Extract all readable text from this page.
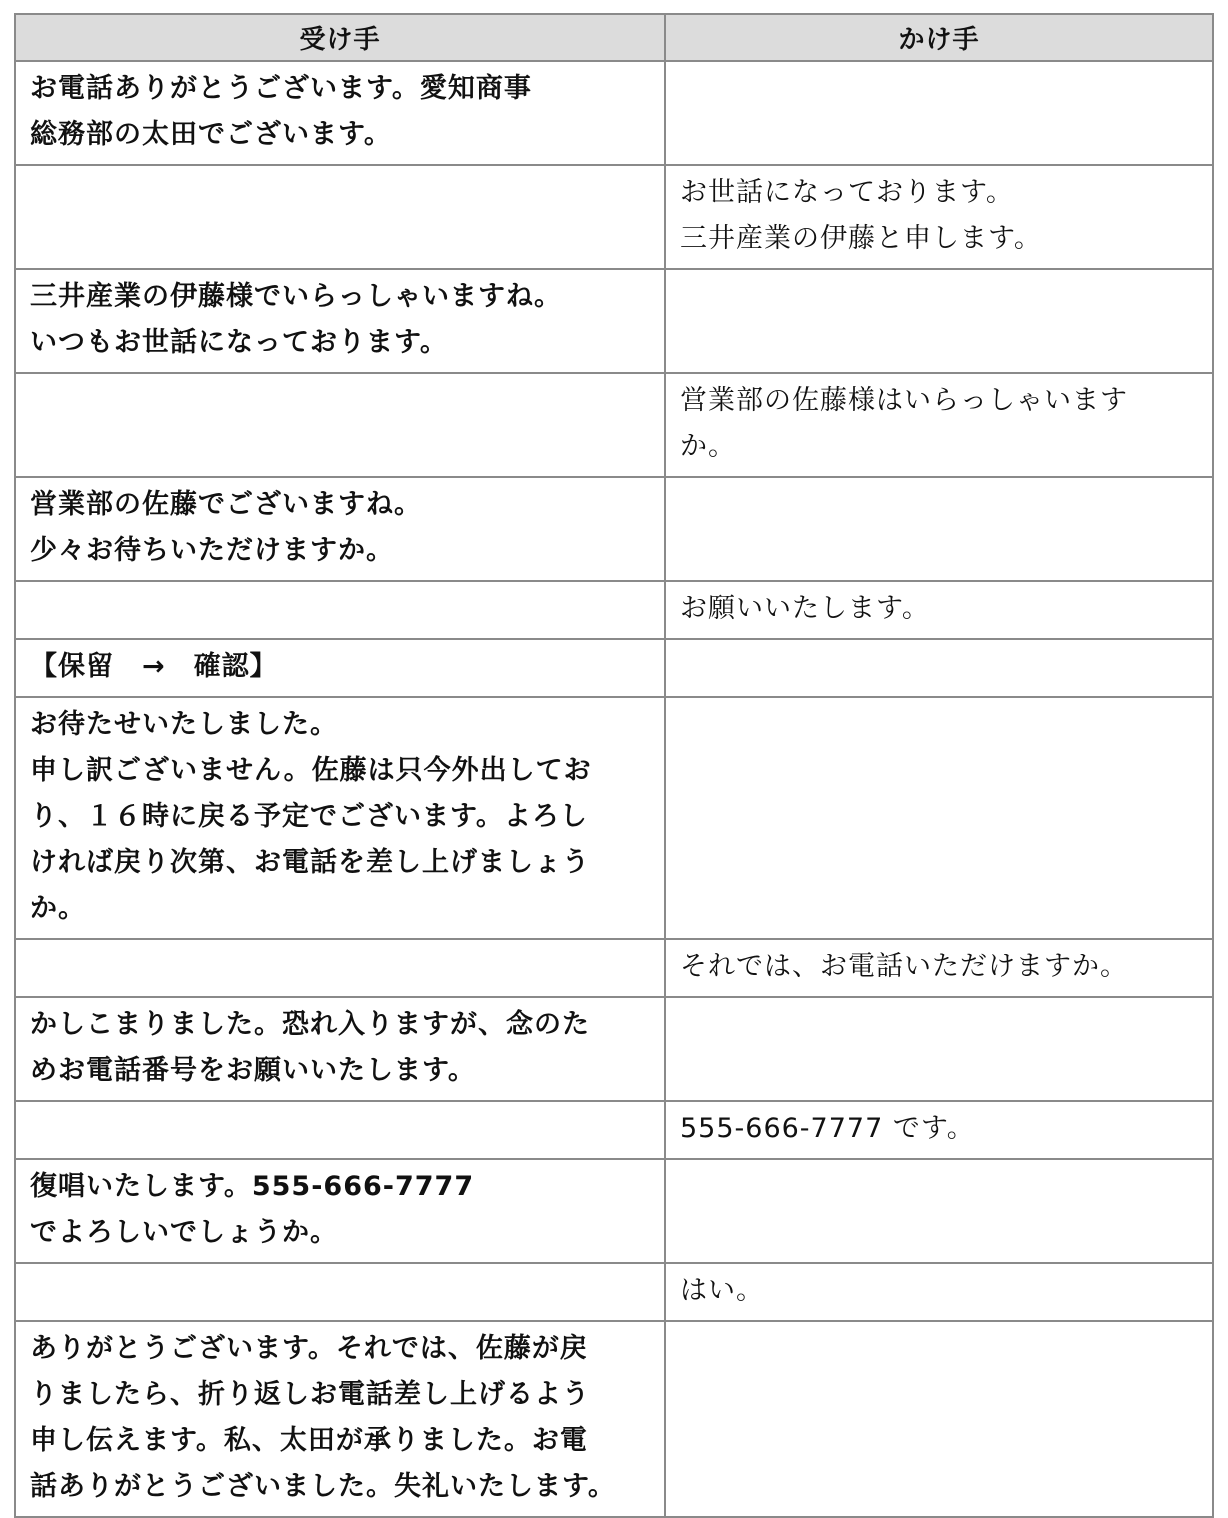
受け手	かけ手

お電話ありがとうございます。愛知商事
総務部の太田でございます。	

	お世話になっております。
三井産業の伊藤と申します。

三井産業の伊藤様でいらっしゃいますね。
いつもお世話になっております。	

	営業部の佐藤様はいらっしゃいます
か。

営業部の佐藤でございますね。
少々お待ちいただけますか。	

	お願いいたします。

【保留　→　確認】	

お待たせいたしました。
申し訳ございません。佐藤は只今外出してお
り、１６時に戻る予定でございます。よろし
ければ戻り次第、お電話を差し上げましょう
か。	

	それでは、お電話いただけますか。

かしこまりました。恐れ入りますが、念のた
めお電話番号をお願いいたします。	

	555-666-7777 です。

復唱いたします。555-666-7777
でよろしいでしょうか。	

	はい。

ありがとうございます。それでは、佐藤が戻
りましたら、折り返しお電話差し上げるよう
申し伝えます。私、太田が承りました。お電
話ありがとうございました。失礼いたします。	
